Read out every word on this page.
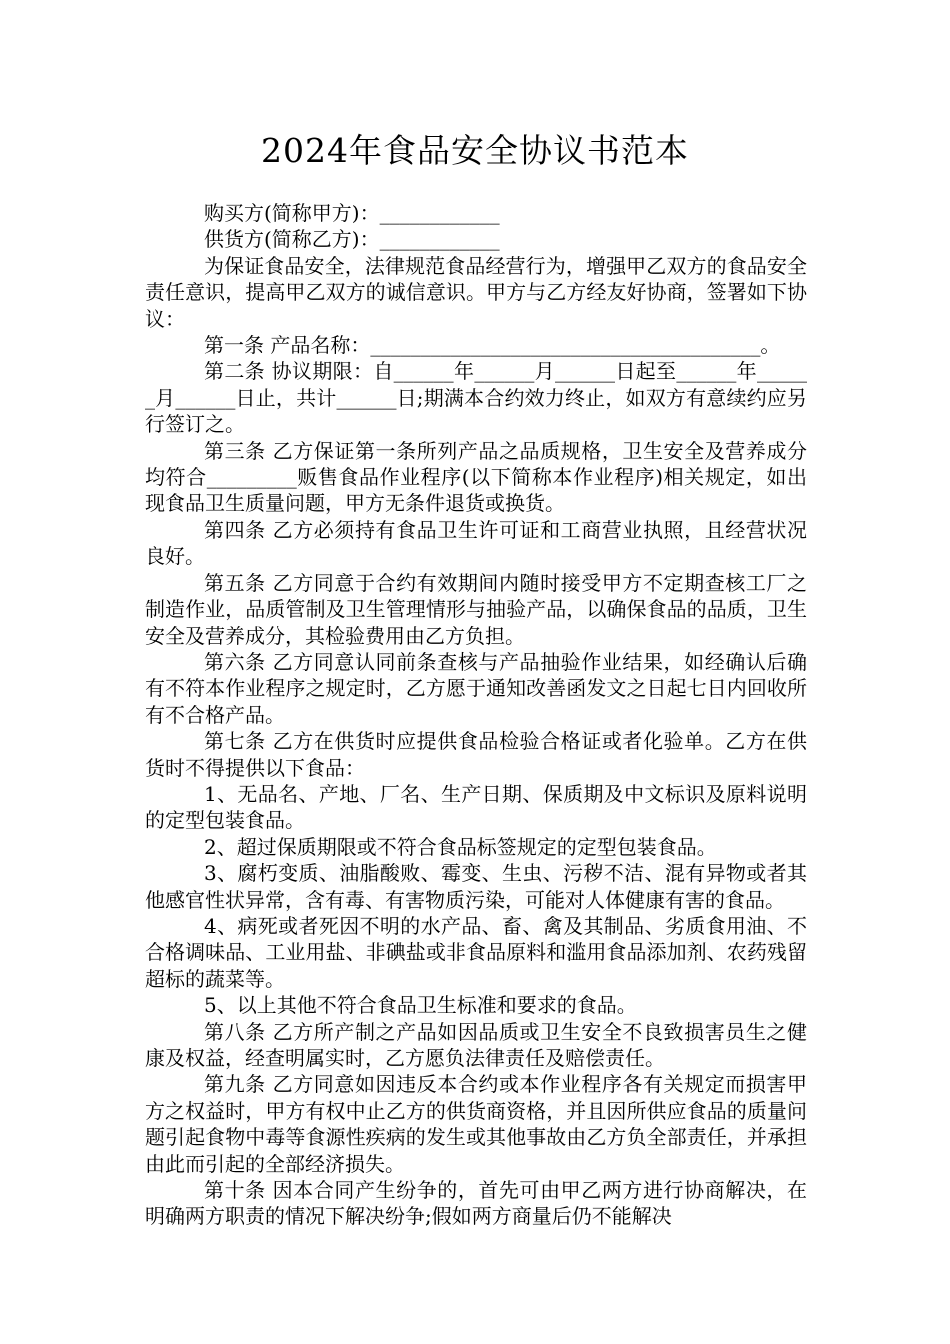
2024年食品安全协议书范本

购买方(简称甲方)：____________

供货方(简称乙方)：____________

为保证食品安全，法律规范食品经营行为，增强甲乙双方的食品安全责任意识，提高甲乙双方的诚信意识。甲方与乙方经友好协商，签署如下协议：

第一条 产品名称：_______________________________________。

第二条 协议期限：自______年______月______日起至______年______月______日止，共计______日;期满本合约效力终止，如双方有意续约应另行签订之。

第三条 乙方保证第一条所列产品之品质规格，卫生安全及营养成分均符合_________贩售食品作业程序(以下简称本作业程序)相关规定，如出现食品卫生质量问题，甲方无条件退货或换货。

第四条 乙方必须持有食品卫生许可证和工商营业执照，且经营状况良好。

第五条 乙方同意于合约有效期间内随时接受甲方不定期查核工厂之制造作业，品质管制及卫生管理情形与抽验产品，以确保食品的品质，卫生安全及营养成分，其检验费用由乙方负担。

第六条 乙方同意认同前条查核与产品抽验作业结果，如经确认后确有不符本作业程序之规定时，乙方愿于通知改善函发文之日起七日内回收所有不合格产品。

第七条 乙方在供货时应提供食品检验合格证或者化验单。乙方在供货时不得提供以下食品：

1、无品名、产地、厂名、生产日期、保质期及中文标识及原料说明的定型包装食品。

2、超过保质期限或不符合食品标签规定的定型包装食品。

3、腐朽变质、油脂酸败、霉变、生虫、污秽不洁、混有异物或者其他感官性状异常，含有毒、有害物质污染，可能对人体健康有害的食品。

4、病死或者死因不明的水产品、畜、禽及其制品、劣质食用油、不合格调味品、工业用盐、非碘盐或非食品原料和滥用食品添加剂、农药残留超标的蔬菜等。

5、以上其他不符合食品卫生标准和要求的食品。

第八条 乙方所产制之产品如因品质或卫生安全不良致损害员生之健康及权益，经查明属实时，乙方愿负法律责任及赔偿责任。

第九条 乙方同意如因违反本合约或本作业程序各有关规定而损害甲方之权益时，甲方有权中止乙方的供货商资格，并且因所供应食品的质量问题引起食物中毒等食源性疾病的发生或其他事故由乙方负全部责任，并承担由此而引起的全部经济损失。

第十条 因本合同产生纷争的，首先可由甲乙两方进行协商解决，在明确两方职责的情况下解决纷争;假如两方商量后仍不能解决
